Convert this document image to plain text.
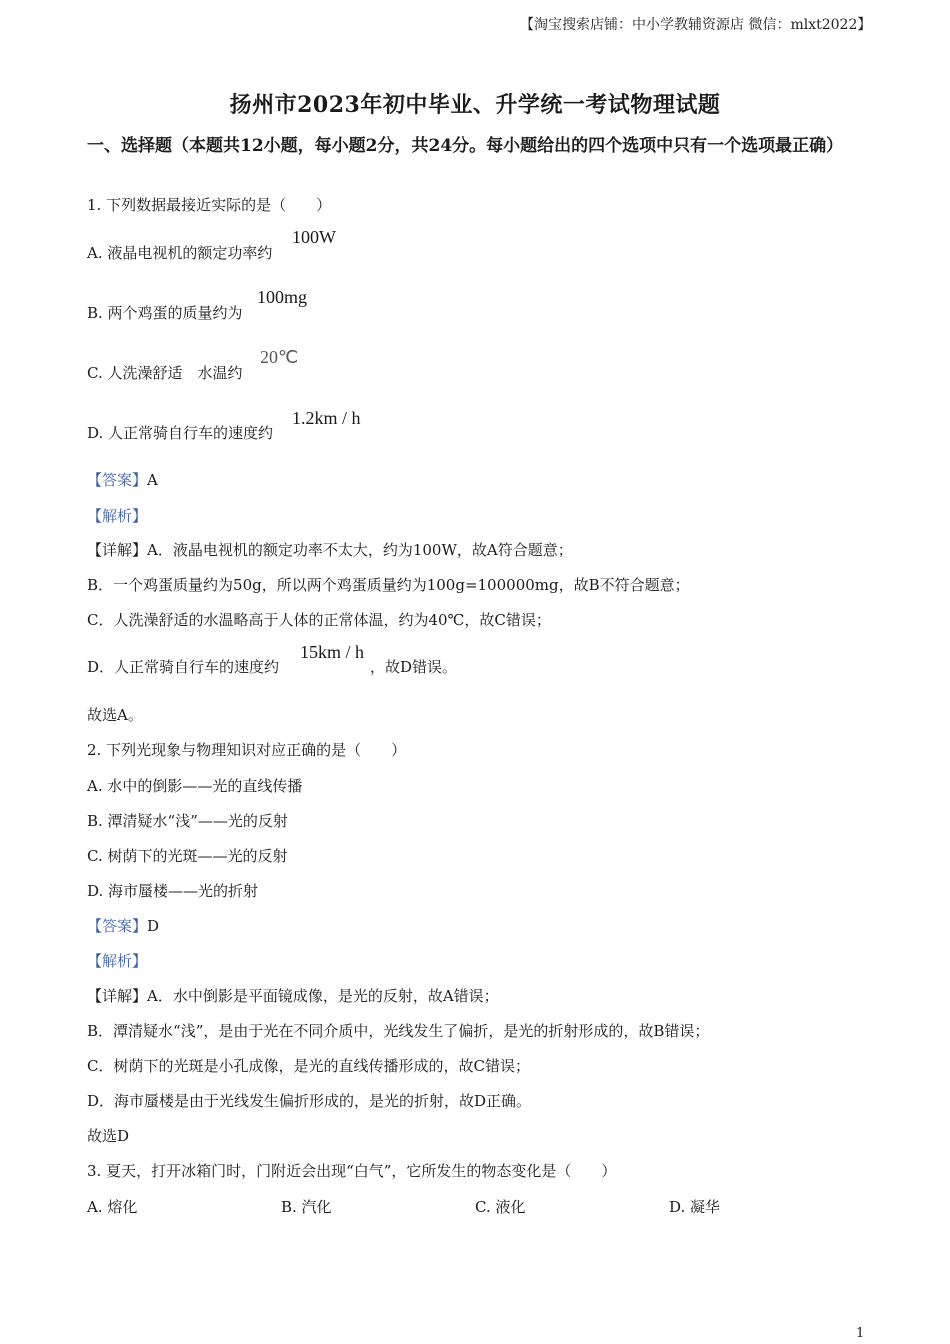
【淘宝搜索店铺：中小学教辅资源店 微信：mlxt2022】
扬州市2023年初中毕业、升学统一考试物理试题
一、选择题（本题共12小题，每小题2分，共24分。每小题给出的四个选项中只有一个选项最正确）
1. 下列数据最接近实际的是（　　）
A. 液晶电视机的额定功率约
100W
B. 两个鸡蛋的质量约为
100mg
C. 人洗澡舒适　水温约
20℃
D. 人正常骑自行车的速度约
1.2km / h
【答案】A
【解析】
【详解】A．液晶电视机的额定功率不太大，约为100W，故A符合题意；
B．一个鸡蛋质量约为50g，所以两个鸡蛋质量约为100g=100000mg，故B不符合题意；
C．人洗澡舒适的水温略高于人体的正常体温，约为40℃，故C错误；
D．人正常骑自行车的速度约
15km / h
，故D错误。
故选A。
2. 下列光现象与物理知识对应正确的是（　　）
A. 水中的倒影——光的直线传播
B. 潭清疑水“浅”——光的反射
C. 树荫下的光斑——光的反射
D. 海市蜃楼——光的折射
【答案】D
【解析】
【详解】A．水中倒影是平面镜成像，是光的反射，故A错误；
B．潭清疑水“浅”，是由于光在不同介质中，光线发生了偏折，是光的折射形成的，故B错误；
C．树荫下的光斑是小孔成像，是光的直线传播形成的，故C错误；
D．海市蜃楼是由于光线发生偏折形成的，是光的折射，故D正确。
故选D
3. 夏天，打开冰箱门时，门附近会出现“白气”，它所发生的物态变化是（　　）
A. 熔化	B. 汽化	C. 液化	D. 凝华
1
